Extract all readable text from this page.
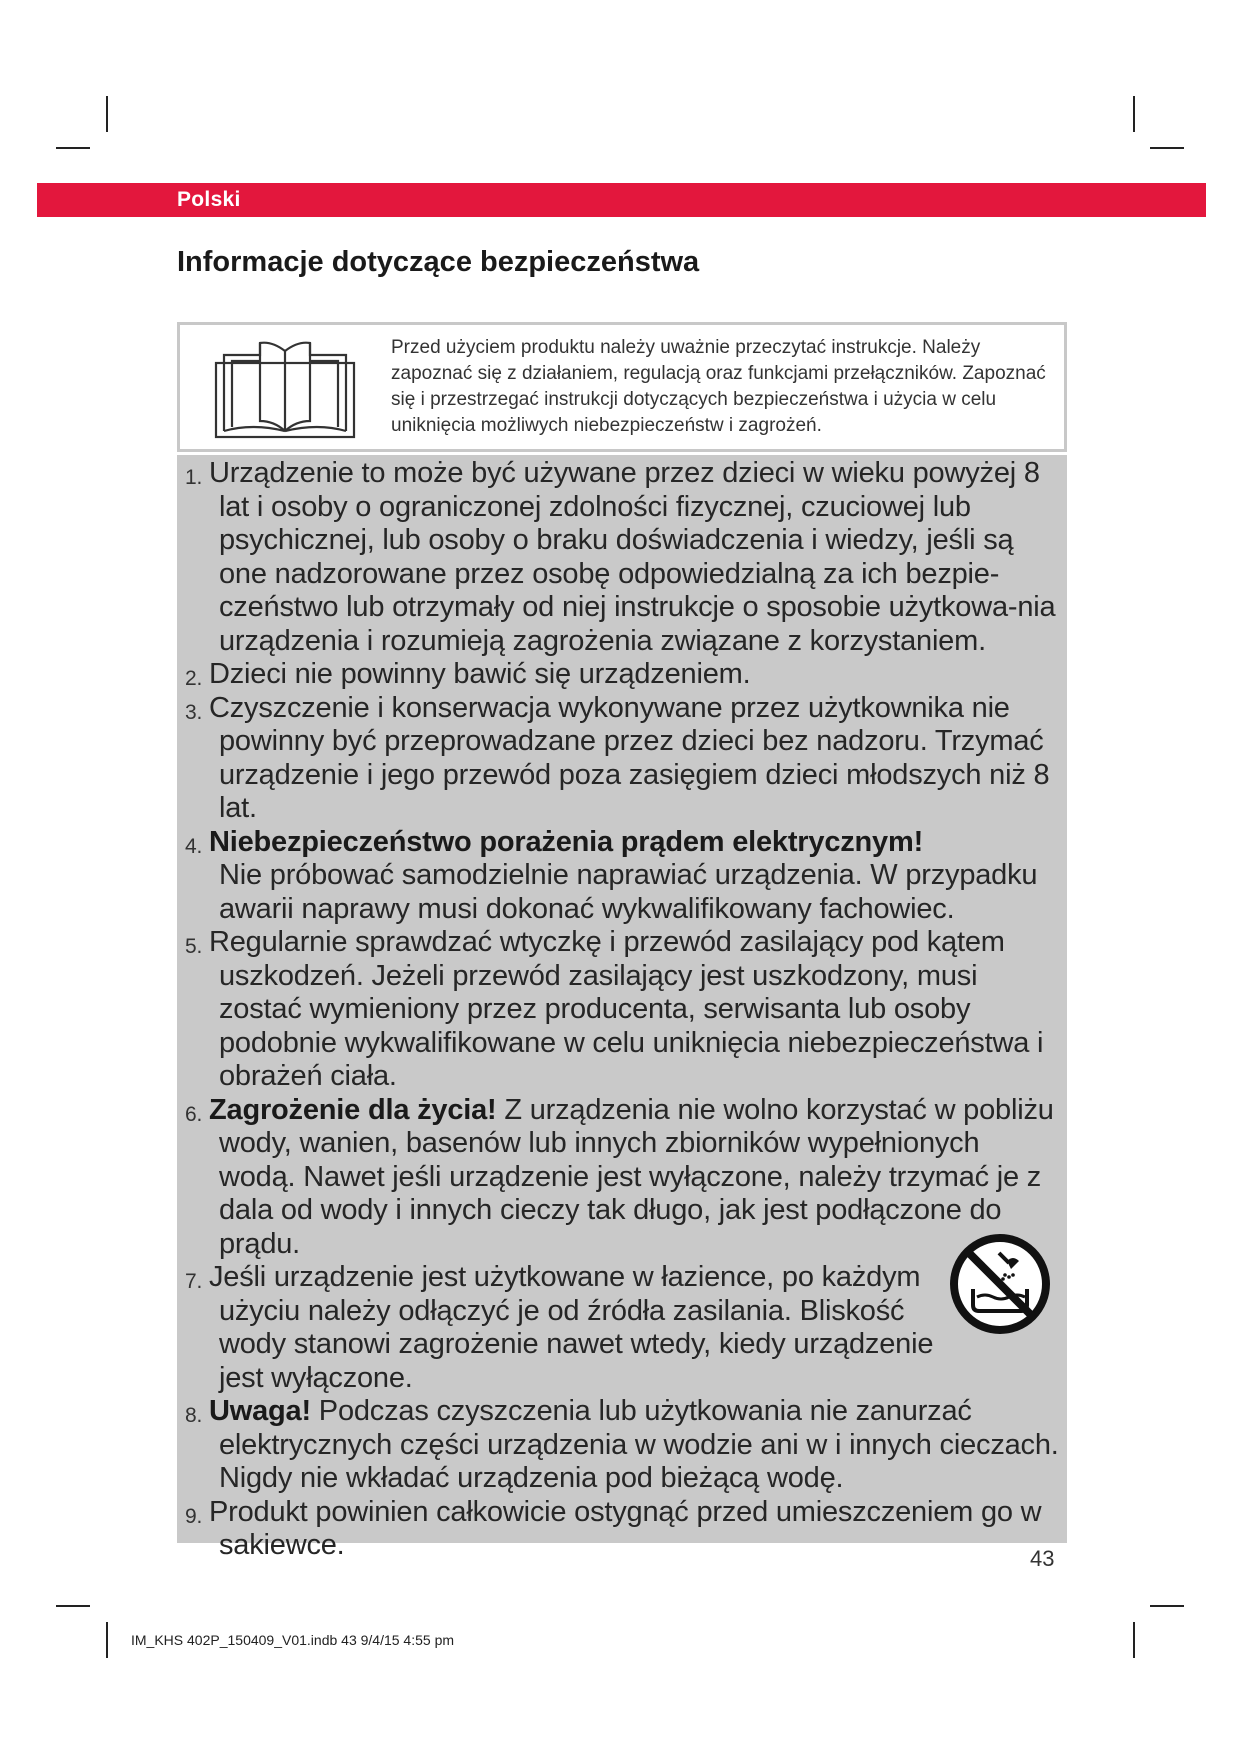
Polski
Informacje dotyczące bezpieczeństwa

Przed użyciem produktu należy uważnie przeczytać instrukcje. Należy zapoznać się z działaniem, regulacją oraz funkcjami przełączników. Zapoznać się i przestrzegać instrukcji dotyczących bezpieczeństwa i użycia w celu uniknięcia możliwych niebezpieczeństw i zagrożeń.

1. Urządzenie to może być używane przez dzieci w wieku powyżej 8 lat i osoby o ograniczonej zdolności fizycznej, czuciowej lub psychicznej, lub osoby o braku doświadczenia i wiedzy, jeśli są one nadzorowane przez osobę odpowiedzialną za ich bezpie-czeństwo lub otrzymały od niej instrukcje o sposobie użytkowa-nia urządzenia i rozumieją zagrożenia związane z korzystaniem.
2. Dzieci nie powinny bawić się urządzeniem.
3. Czyszczenie i konserwacja wykonywane przez użytkownika nie powinny być przeprowadzane przez dzieci bez nadzoru. Trzymać urządzenie i jego przewód poza zasięgiem dzieci młodszych niż 8 lat.
4. Niebezpieczeństwo porażenia prądem elektrycznym!
Nie próbować samodzielnie naprawiać urządzenia. W przypadku awarii naprawy musi dokonać wykwalifikowany fachowiec.
5. Regularnie sprawdzać wtyczkę i przewód zasilający pod kątem uszkodzeń. Jeżeli przewód zasilający jest uszkodzony, musi zostać wymieniony przez producenta, serwisanta lub osoby podobnie wykwalifikowane w celu uniknięcia niebezpieczeństwa i obrażeń ciała.
6. Zagrożenie dla życia! Z urządzenia nie wolno korzystać w pobliżu wody, wanien, basenów lub innych zbiorników wypełnionych wodą. Nawet jeśli urządzenie jest wyłączone, należy trzymać je z dala od wody i innych cieczy tak długo, jak jest podłączone do prądu.
7. Jeśli urządzenie jest użytkowane w łazience, po każdym użyciu należy odłączyć je od źródła zasilania. Bliskość wody stanowi zagrożenie nawet wtedy, kiedy urządzenie jest wyłączone.
8. Uwaga! Podczas czyszczenia lub użytkowania nie zanurzać elektrycznych części urządzenia w wodzie ani w i innych cieczach. Nigdy nie wkładać urządzenia pod bieżącą wodę.
9. Produkt powinien całkowicie ostygnąć przed umieszczeniem go w sakiewce.	43
IM_KHS 402P_150409_V01.indb 43 9/4/15 4:55 pm
